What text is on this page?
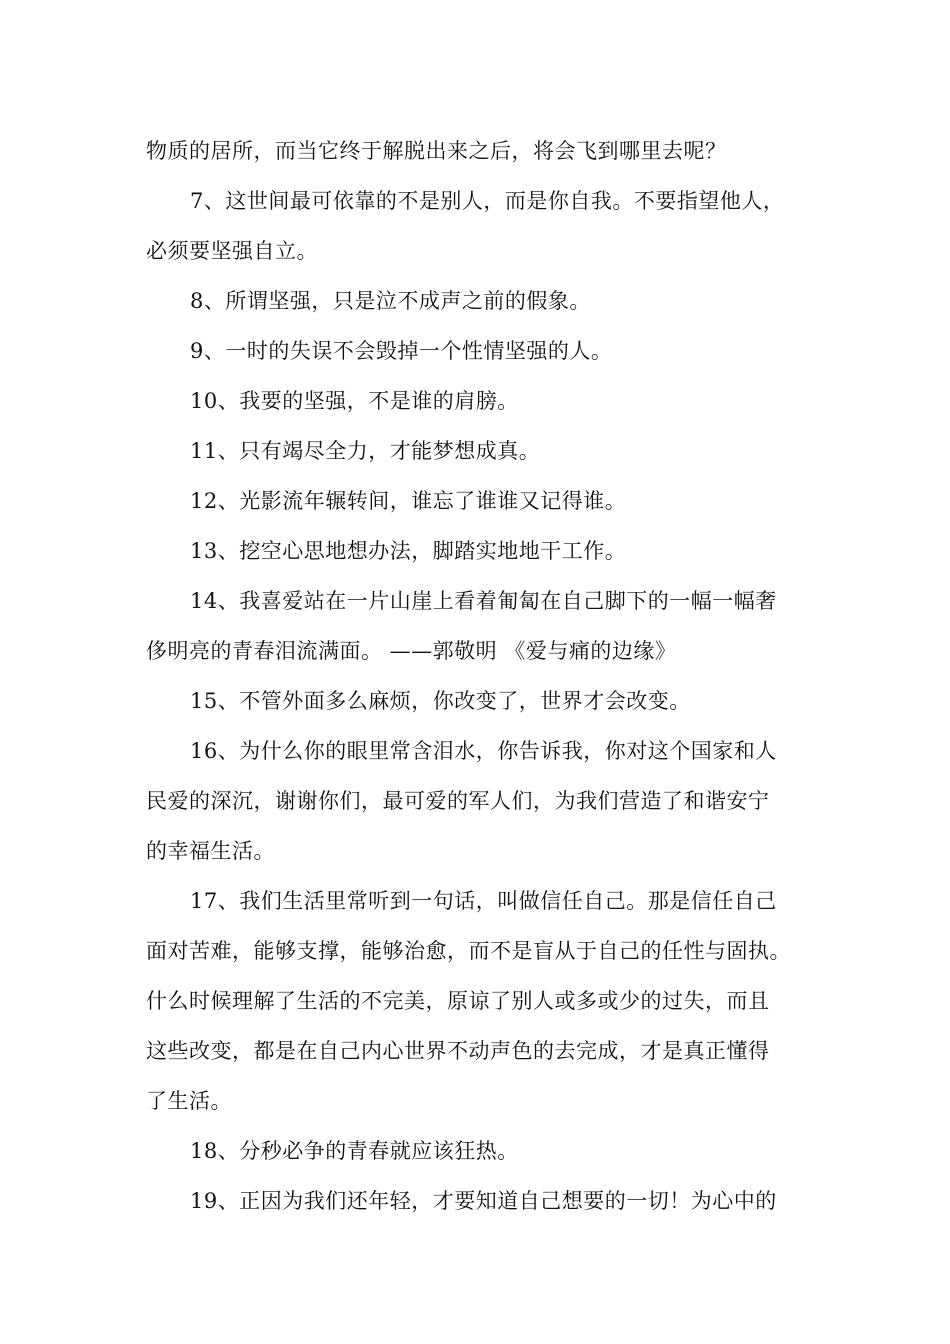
物质的居所，而当它终于解脱出来之后，将会飞到哪里去呢？
7、这世间最可依靠的不是别人，而是你自我。不要指望他人，
必须要坚强自立。
8、所谓坚强，只是泣不成声之前的假象。
9、一时的失误不会毁掉一个性情坚强的人。
10、我要的坚强，不是谁的肩膀。
11、只有竭尽全力，才能梦想成真。
12、光影流年辗转间，谁忘了谁谁又记得谁。
13、挖空心思地想办法，脚踏实地地干工作。
14、我喜爱站在一片山崖上看着匍匐在自己脚下的一幅一幅奢
侈明亮的青春泪流满面。 ——郭敬明 《爱与痛的边缘》
15、不管外面多么麻烦，你改变了，世界才会改变。
16、为什么你的眼里常含泪水，你告诉我，你对这个国家和人
民爱的深沉，谢谢你们，最可爱的军人们，为我们营造了和谐安宁
的幸福生活。
17、我们生活里常听到一句话，叫做信任自己。那是信任自己
面对苦难，能够支撑，能够治愈，而不是盲从于自己的任性与固执。
什么时候理解了生活的不完美，原谅了别人或多或少的过失，而且
这些改变，都是在自己内心世界不动声色的去完成，才是真正懂得
了生活。
18、分秒必争的青春就应该狂热。
19、正因为我们还年轻，才要知道自己想要的一切！为心中的
